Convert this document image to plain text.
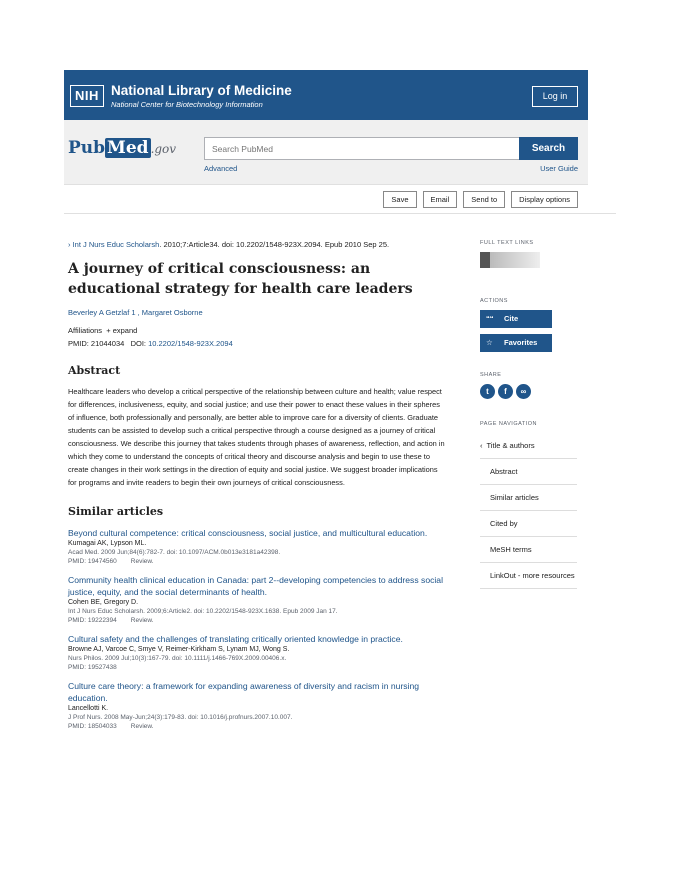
NIH National Library of Medicine
National Center for Biotechnology Information
Log in
Pub Med .gov
Search PubMed	Search
Advanced	User Guide
Save	Email	Send to	Display options
› Int J Nurs Educ Scholarsh. 2010;7:Article34. doi: 10.2202/1548-923X.2094. Epub 2010 Sep 25.
A journey of critical consciousness: an educational strategy for health care leaders
Beverley A Getzlaf 1 , Margaret Osborne
Affiliations  + expand
PMID: 21044034 DOI: 10.2202/1548-923X.2094
Abstract

Healthcare leaders who develop a critical perspective of the relationship between culture and health; value respect for differences, inclusiveness, equity, and social justice; and use their power to enact these values in their spheres of influence, both professionally and personally, are better able to improve care for a diversity of clients. Graduate students can be assisted to develop such a critical perspective through a course designed as a journey of critical consciousness. We describe this journey that takes students through phases of awareness, reflection, and action in which they come to understand the concepts of critical theory and discourse analysis and begin to use these to create changes in their work settings in the direction of equity and social justice. We suggest broader implications for programs and invite readers to begin their own journeys of critical consciousness.

Similar articles
Beyond cultural competence: critical consciousness, social justice, and multicultural education.
Kumagai AK, Lypson ML.
Acad Med. 2009 Jun;84(6):782-7. doi: 10.1097/ACM.0b013e3181a42398.
PMID: 19474560 Review.
Community health clinical education in Canada: part 2--developing competencies to address social justice, equity, and the social determinants of health.
Cohen BE, Gregory D.
Int J Nurs Educ Scholarsh. 2009;6:Article2. doi: 10.2202/1548-923X.1638. Epub 2009 Jan 17.
PMID: 19222394 Review.
Cultural safety and the challenges of translating critically oriented knowledge in practice.
Browne AJ, Varcoe C, Smye V, Reimer-Kirkham S, Lynam MJ, Wong S.
Nurs Philos. 2009 Jul;10(3):167-79. doi: 10.1111/j.1466-769X.2009.00406.x.
PMID: 19527438
Culture care theory: a framework for expanding awareness of diversity and racism in nursing education.
Lancellotti K.
J Prof Nurs. 2008 May-Jun;24(3):179-83. doi: 10.1016/j.profnurs.2007.10.007.
PMID: 18504033 Review.
FULL TEXT LINKS
ACTIONS
““ Cite
☆ Favorites
SHARE
t	f	∞
PAGE NAVIGATION
‹ Title & authors
Abstract
Similar articles
Cited by
MeSH terms
LinkOut - more resources
